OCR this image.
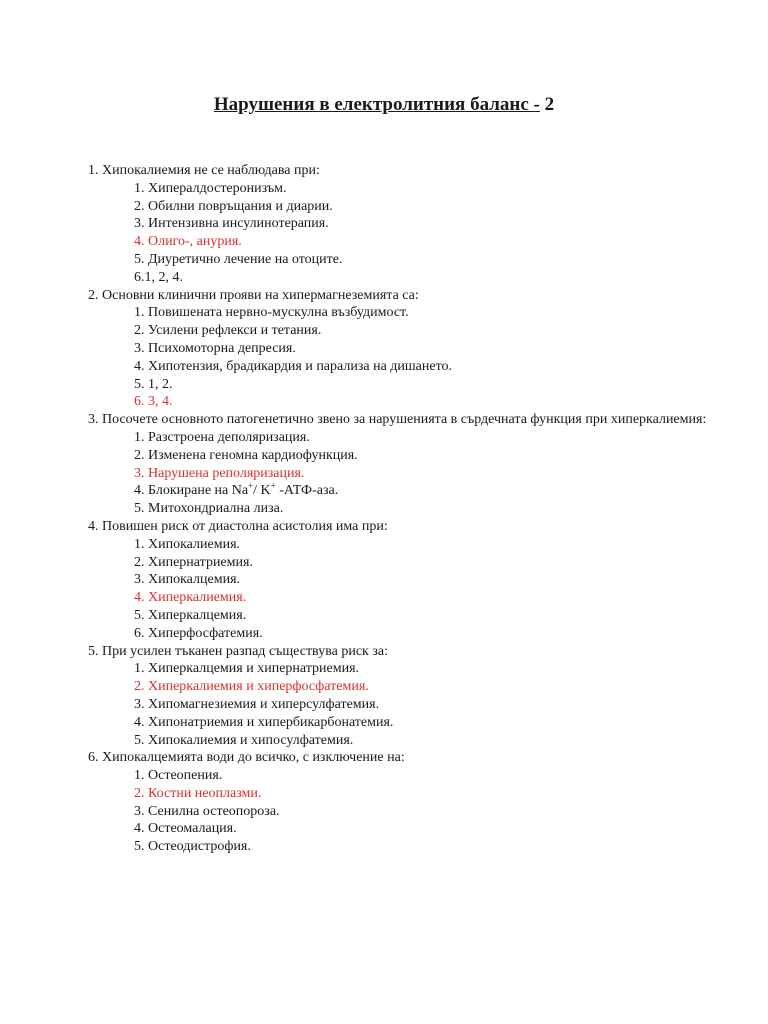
Нарушения в електролитния баланс - 2
1. Хипокалиемия не се наблюдава при:
1. Хипералдостеронизъм.
2. Обилни повръщания и диарии.
3. Интензивна инсулинотерапия.
4. Олиго-, анурия.
5. Диуретично лечение на отоците.
6.1, 2, 4.
2. Основни клинични прояви на хипермагнеземията са:
1. Повишената нервно-мускулна възбудимост.
2. Усилени рефлекси и тетания.
3. Психомоторна депресия.
4. Хипотензия, брадикардия и парализа на дишането.
5. 1, 2.
6. 3, 4.
3. Посочете основното патогенетично звено за нарушенията в сърдечната функция при хиперкалиемия:
1. Разстроена деполяризация.
2. Изменена геномна кардиофункция.
3. Нарушена реполяризация.
4. Блокиране на Na+/ K+ -АТФ-аза.
5. Митохондриална лиза.
4. Повишен риск от диастолна асистолия има при:
1. Хипокалиемия.
2. Хипернатриемия.
3. Хипокалцемия.
4. Хиперкалиемия.
5. Хиперкалцемия.
6. Хиперфосфатемия.
5. При усилен тъканен разпад съществува риск за:
1. Хиперкалцемия и хипернатриемия.
2. Хиперкалиемия и хиперфосфатемия.
3. Хипомагнезиемия и хиперсулфатемия.
4. Хипонатриемия и хипербикарбонатемия.
5. Хипокалиемия и хипосулфатемия.
6. Хипокалцемията води до всичко, с изключение на:
1. Остеопения.
2. Костни неоплазми.
3. Сенилна остеопороза.
4. Остеомалация.
5. Остеодистрофия.
